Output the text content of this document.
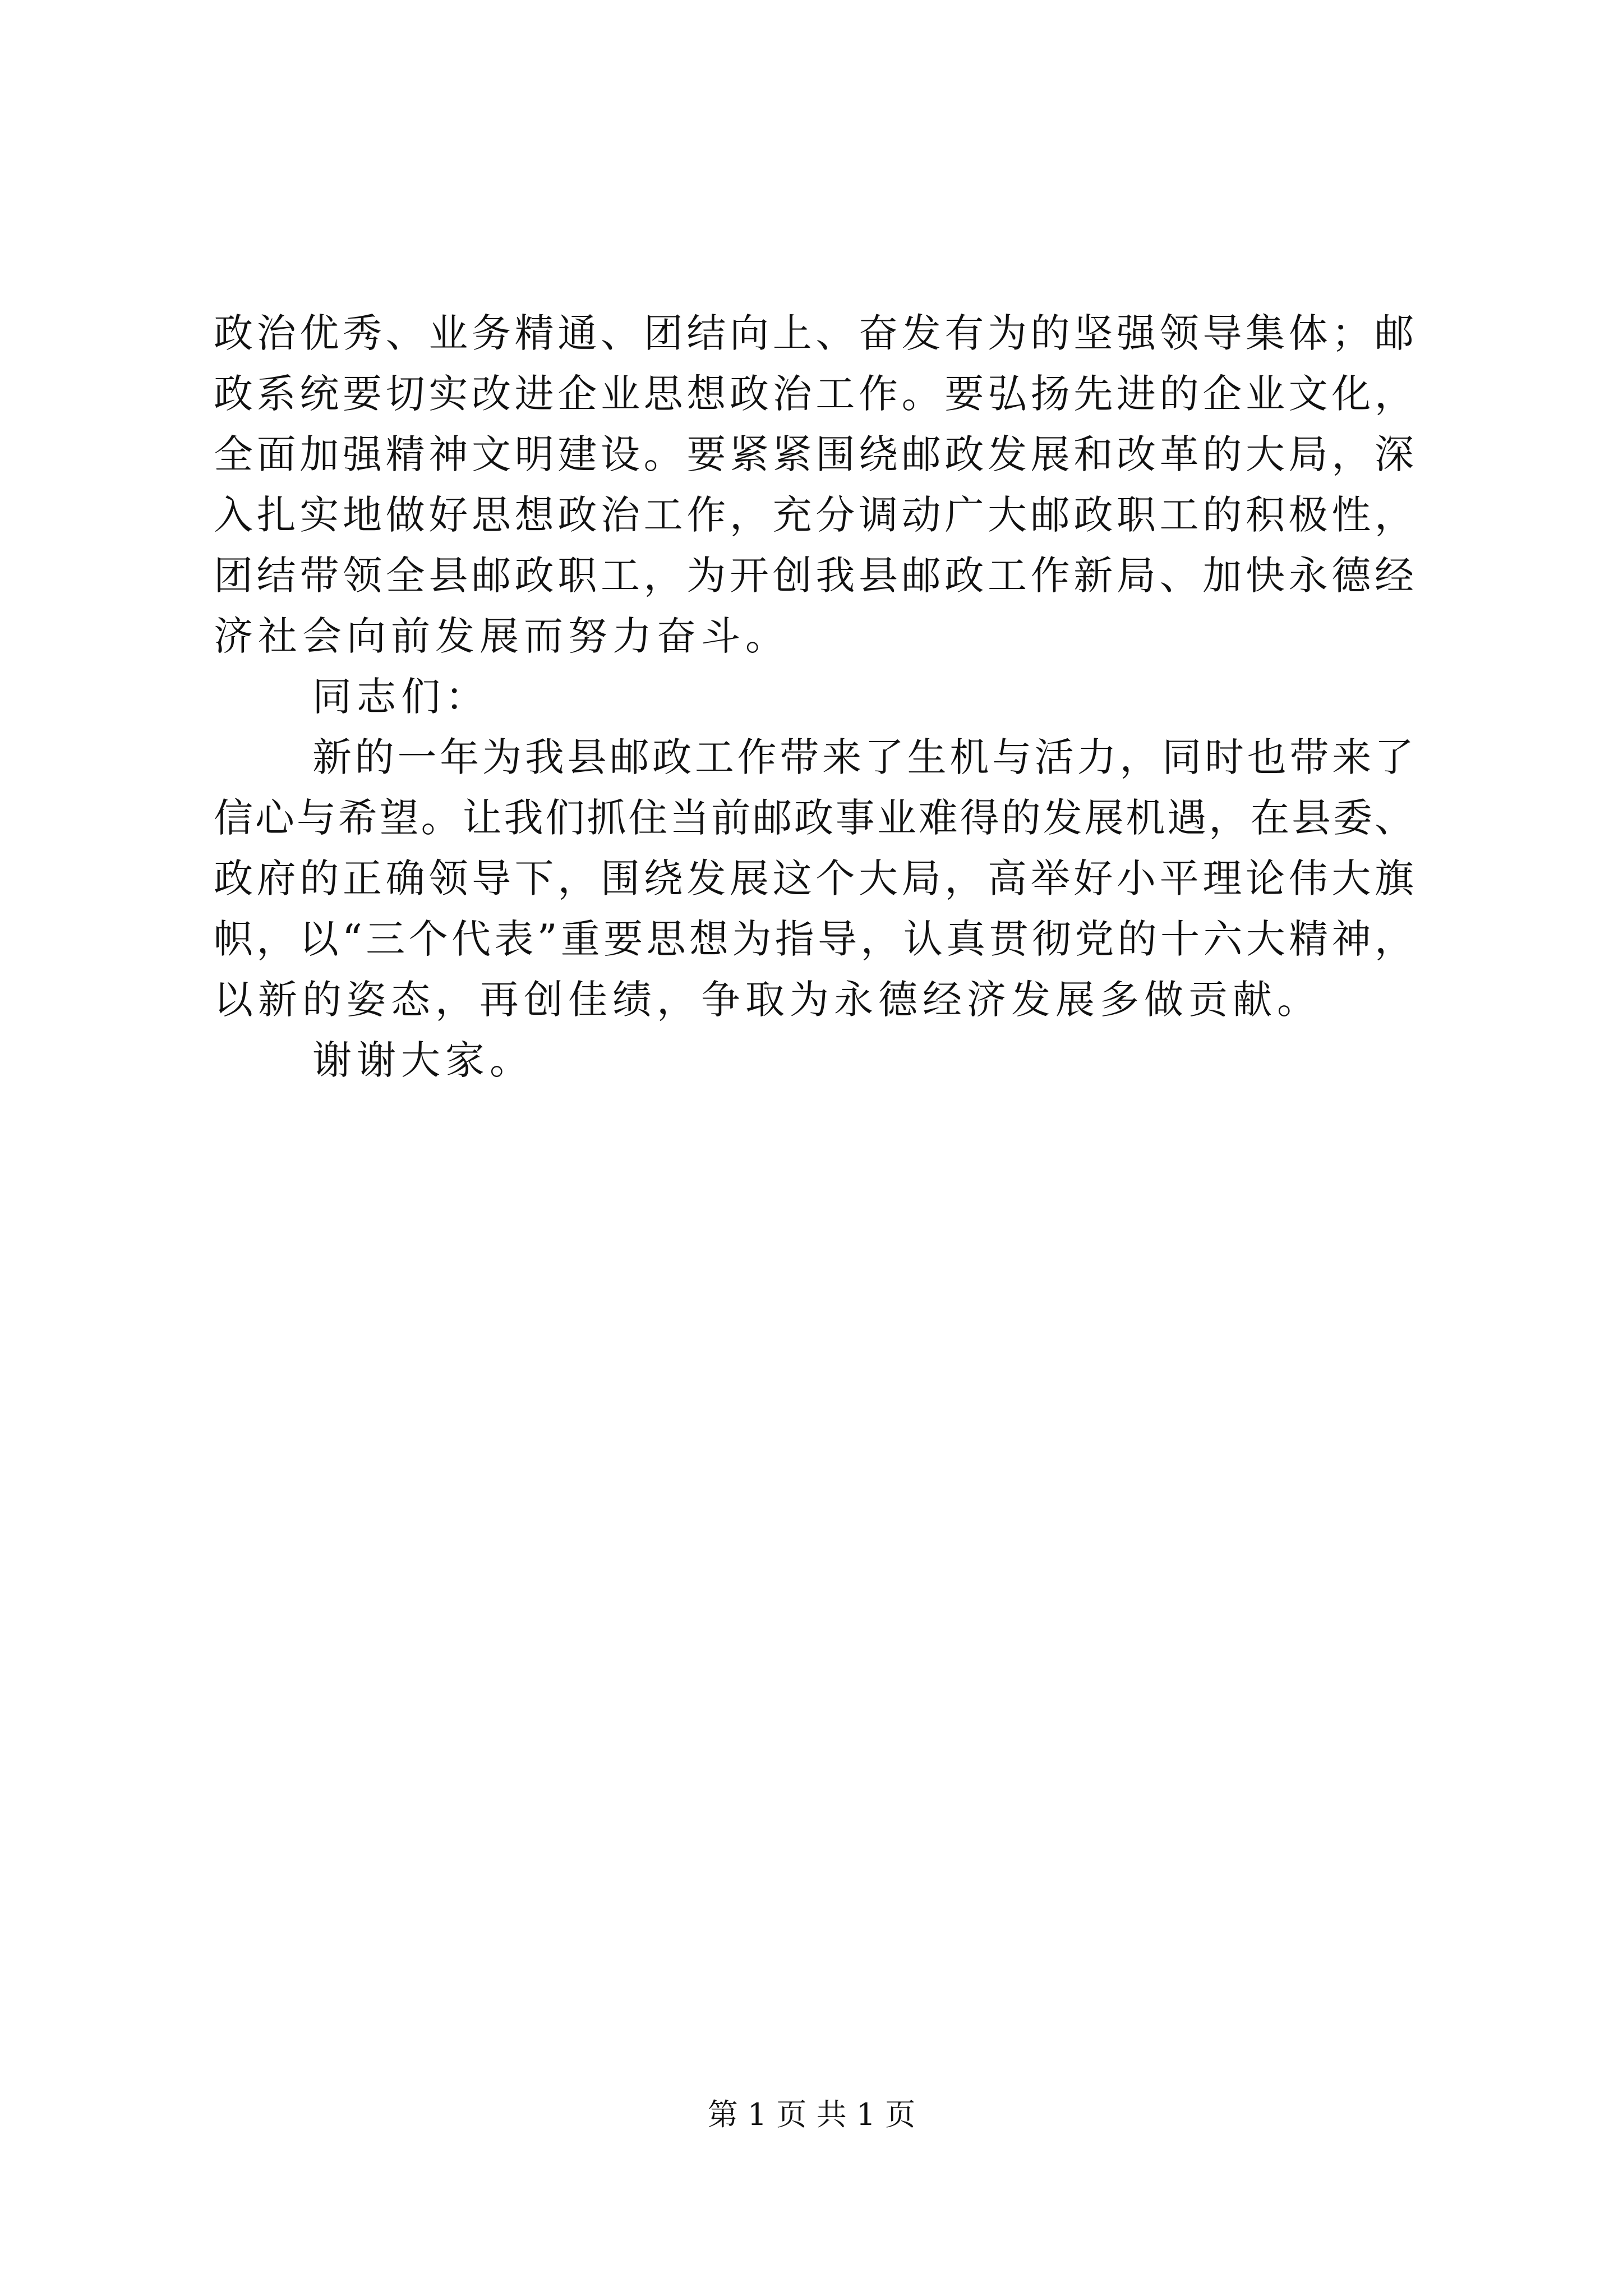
政治优秀、业务精通、团结向上、奋发有为的坚强领导集体；邮
政系统要切实改进企业思想政治工作。要弘扬先进的企业文化，
全面加强精神文明建设。要紧紧围绕邮政发展和改革的大局，深
入扎实地做好思想政治工作，充分调动广大邮政职工的积极性，
团结带领全县邮政职工，为开创我县邮政工作新局、加快永德经
济社会向前发展而努力奋斗。
同志们：
新的一年为我县邮政工作带来了生机与活力，同时也带来了
信心与希望。让我们抓住当前邮政事业难得的发展机遇，在县委、
政府的正确领导下，围绕发展这个大局，高举好小平理论伟大旗
帜，以“三个代表”重要思想为指导，认真贯彻党的十六大精神，
以新的姿态，再创佳绩，争取为永德经济发展多做贡献。
谢谢大家。
第 1 页 共 1 页
